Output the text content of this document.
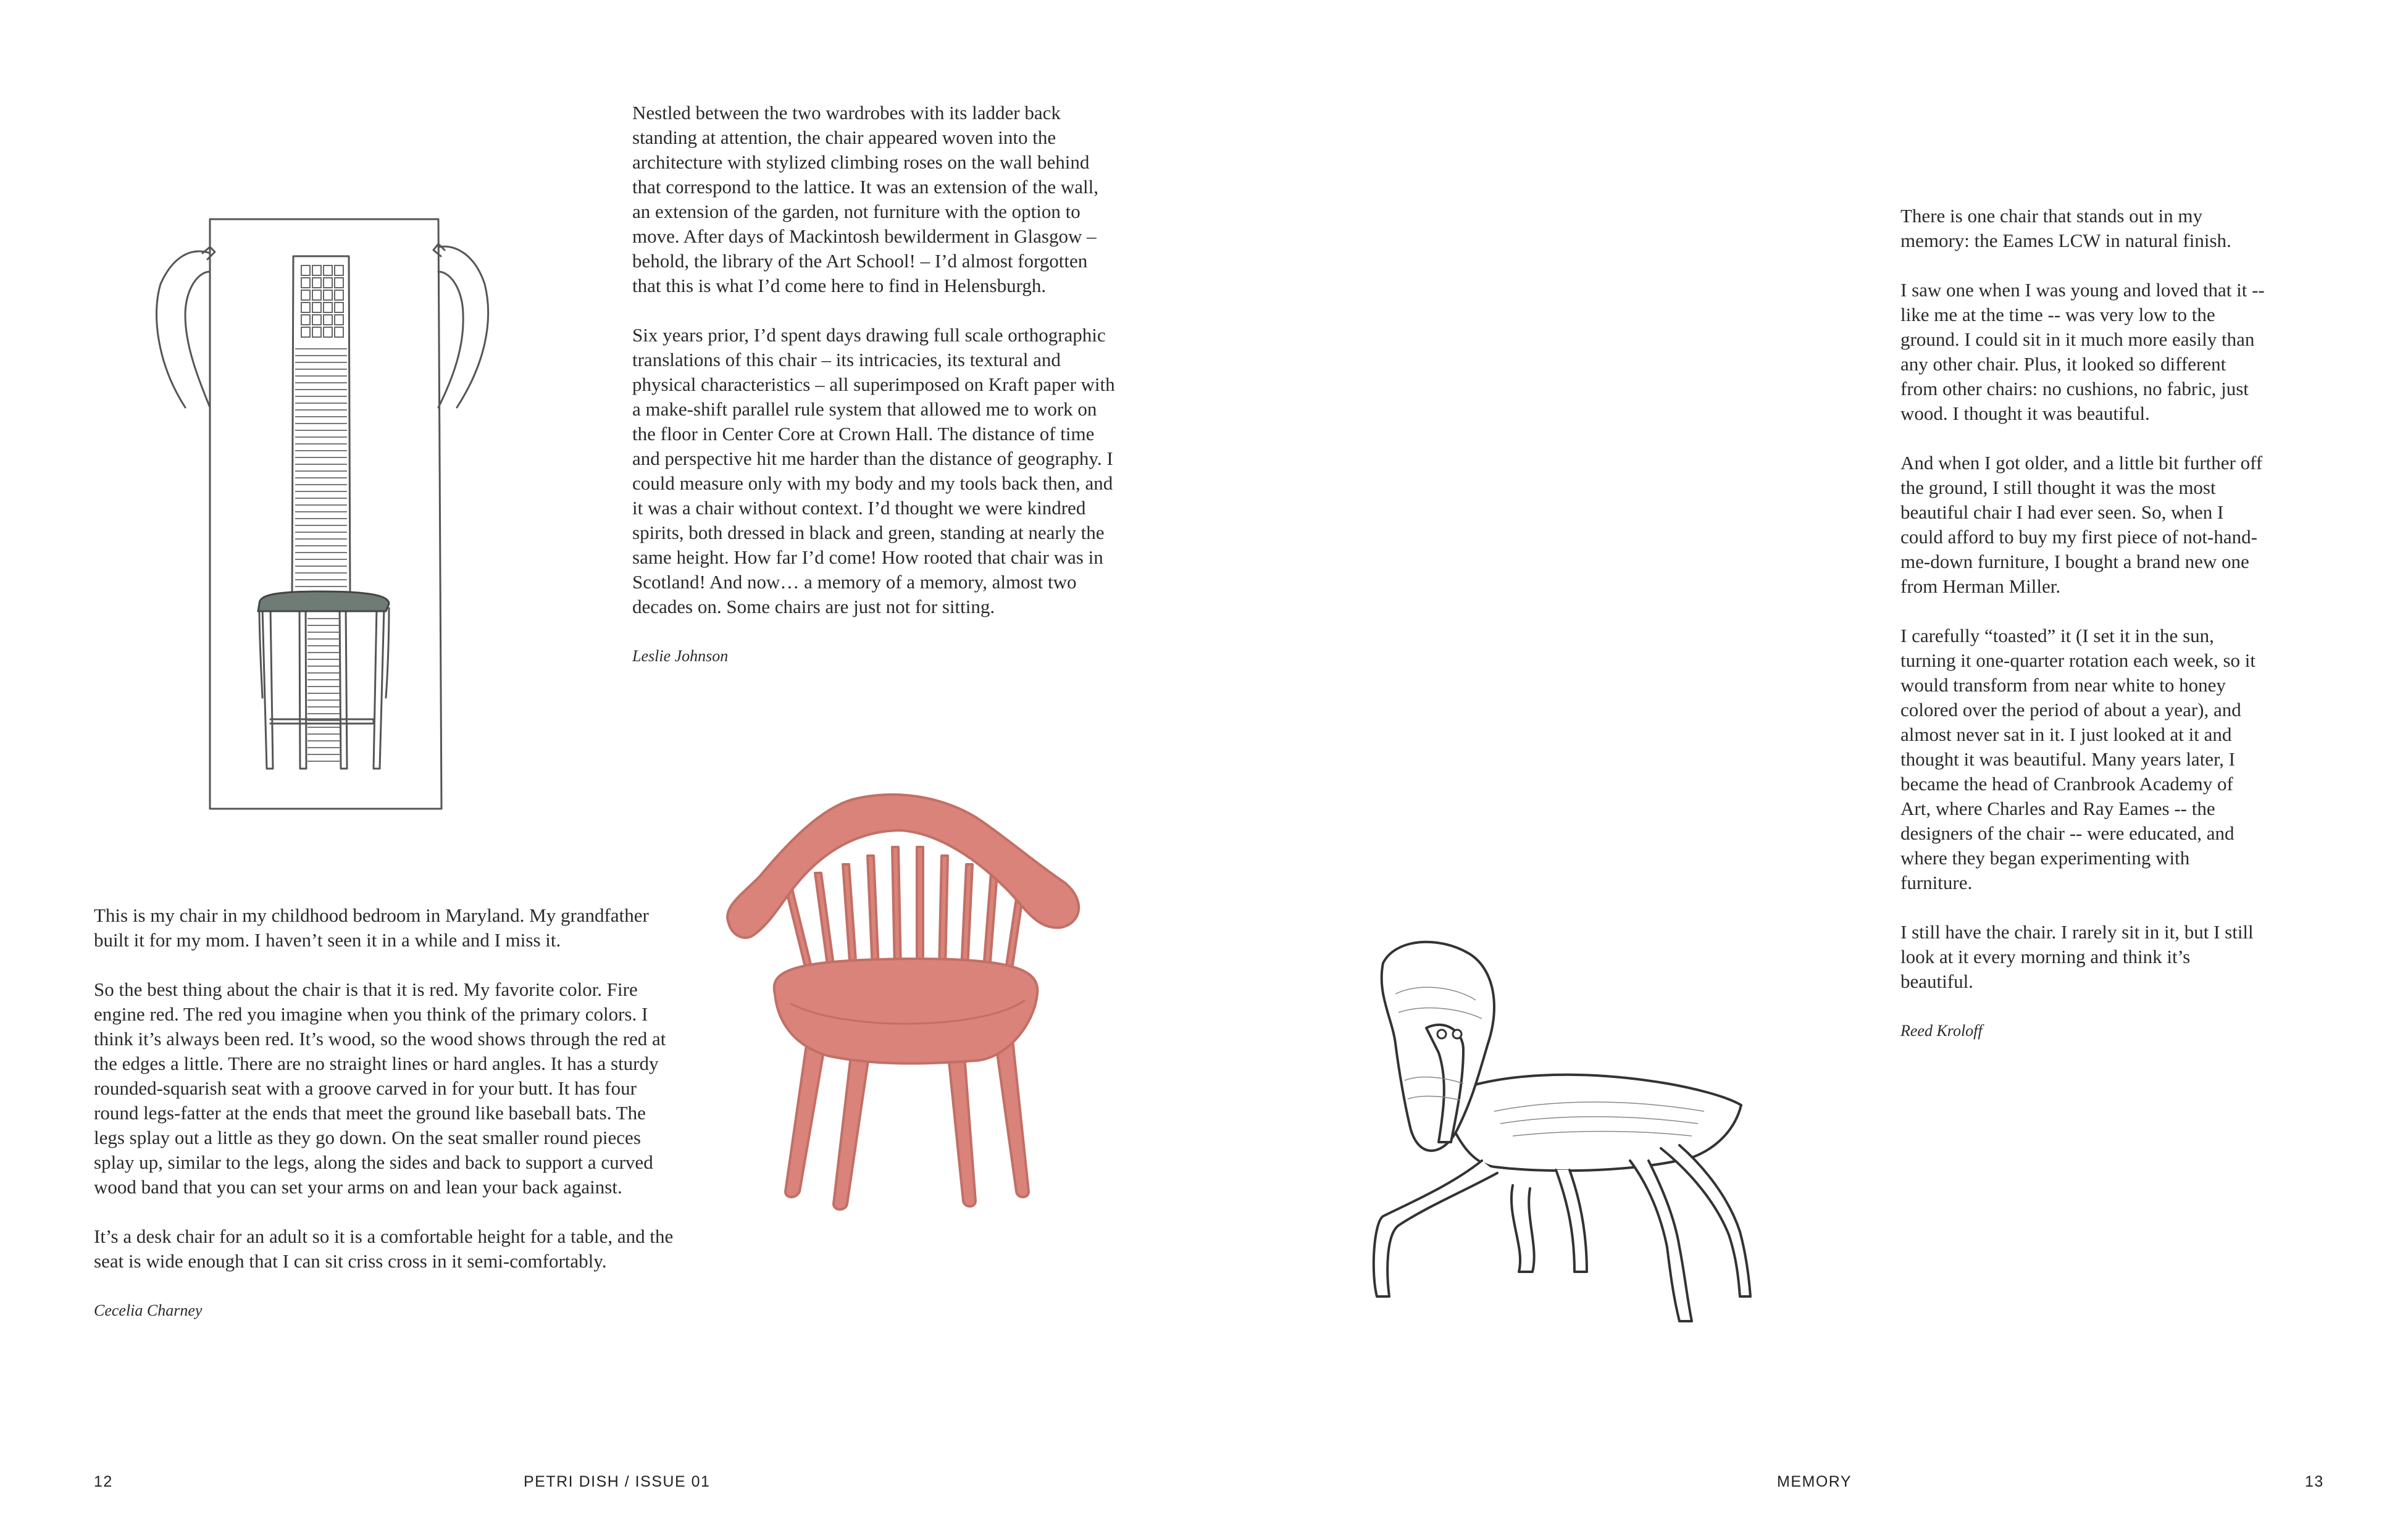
Nestled between the two wardrobes with its ladder back standing at attention, the chair appeared woven into the architecture with stylized climbing roses on the wall behind that correspond to the lattice. It was an extension of the wall, an extension of the garden, not furniture with the option to move. After days of Mackintosh bewilderment in Glasgow – behold, the library of the Art School! – I’d almost forgotten that this is what I’d come here to find in Helensburgh.

Six years prior, I’d spent days drawing full scale orthographic translations of this chair – its intricacies, its textural and physical characteristics – all superimposed on Kraft paper with a make-shift parallel rule system that allowed me to work on the floor in Center Core at Crown Hall. The distance of time and perspective hit me harder than the distance of geography. I could measure only with my body and my tools back then, and it was a chair without context. I’d thought we were kindred spirits, both dressed in black and green, standing at nearly the same height. How far I’d come! How rooted that chair was in Scotland! And now… a memory of a memory, almost two decades on. Some chairs are just not for sitting.

Leslie Johnson

This is my chair in my childhood bedroom in Maryland. My grandfather built it for my mom. I haven’t seen it in a while and I miss it.

So the best thing about the chair is that it is red. My favorite color. Fire engine red. The red you imagine when you think of the primary colors. I think it’s always been red. It’s wood, so the wood shows through the red at the edges a little. There are no straight lines or hard angles. It has a sturdy rounded-squarish seat with a groove carved in for your butt. It has four round legs-fatter at the ends that meet the ground like baseball bats. The legs splay out a little as they go down. On the seat smaller round pieces splay up, similar to the legs, along the sides and back to support a curved wood band that you can set your arms on and lean your back against.

It’s a desk chair for an adult so it is a comfortable height for a table, and the seat is wide enough that I can sit criss cross in it semi-comfortably.

Cecelia Charney
12	PETRI DISH / ISSUE 01

There is one chair that stands out in my memory: the Eames LCW in natural finish.

I saw one when I was young and loved that it -- like me at the time -- was very low to the ground. I could sit in it much more easily than any other chair. Plus, it looked so different from other chairs: no cushions, no fabric, just wood. I thought it was beautiful.

And when I got older, and a little bit further off the ground, I still thought it was the most beautiful chair I had ever seen. So, when I could afford to buy my first piece of not-hand-me-down furniture, I bought a brand new one from Herman Miller.

I carefully “toasted” it (I set it in the sun, turning it one-quarter rotation each week, so it would transform from near white to honey colored over the period of about a year), and almost never sat in it. I just looked at it and thought it was beautiful. Many years later, I became the head of Cranbrook Academy of Art, where Charles and Ray Eames -- the designers of the chair -- were educated, and where they began experimenting with furniture.

I still have the chair. I rarely sit in it, but I still look at it every morning and think it’s beautiful.

Reed Kroloff
MEMORY	13
